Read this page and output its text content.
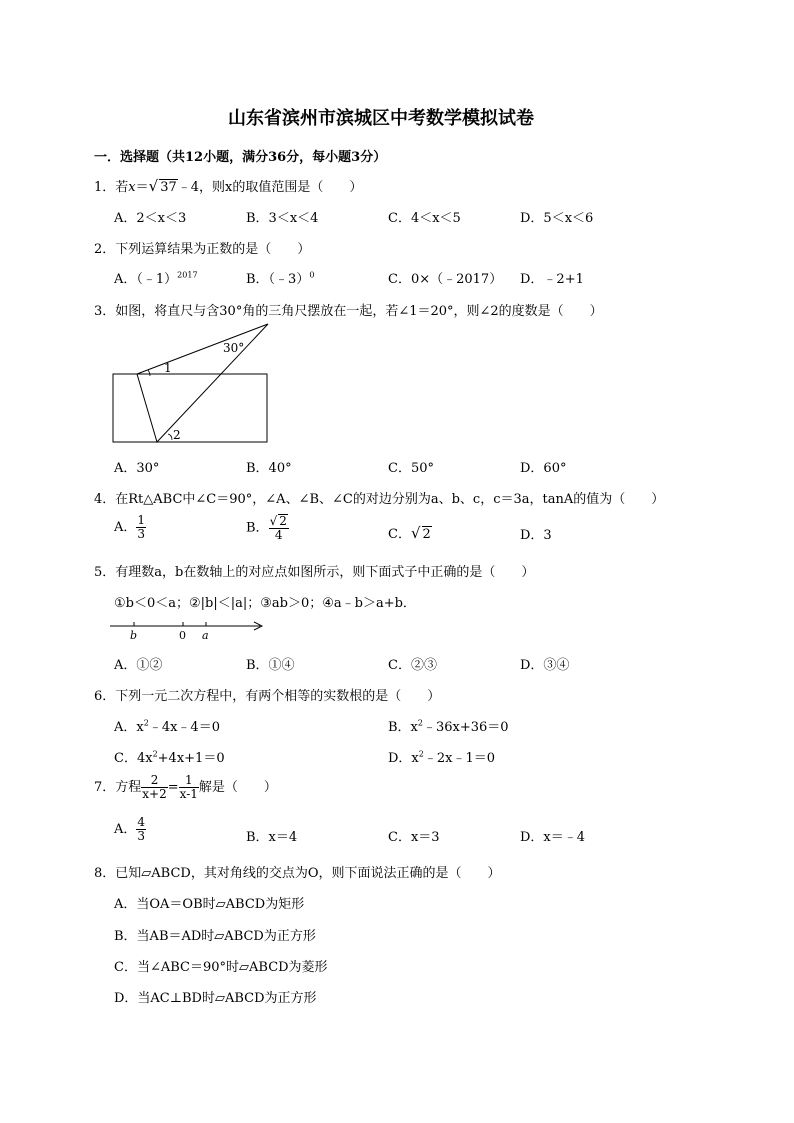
山东省滨州市滨城区中考数学模拟试卷
一．选择题（共12小题，满分36分，每小题3分）
1．若x＝√ 37﹣4，则x的取值范围是（　　）
A．2＜x＜3	B．3＜x＜4	C．4＜x＜5	D．5＜x＜6
2．下列运算结果为正数的是（　　）
A．（﹣1）$^{2017}$	B．（﹣3）$^0$	C．0×（﹣2017） D．﹣2+1
3．如图，将直尺与含30°角的三角尺摆放在一起，若∠1＝20°，则∠2的度数是（　　）
30°
1
2
A．30°	B．40°	C．50°	D．60°
4．在Rt△ABC中∠C＝90°，∠A、∠B、∠C的对边分别为a、b、c，c＝3a，tanA的值为（　　）
A． $\frac{1}{3}$	B． $\frac{√ 2}{4}$	C．√ 2	D．3
5．有理数a，b在数轴上的对应点如图所示，则下面式子中正确的是（　　）
①b＜0＜a；②|b|＜|a|；③ab＞0；④a﹣b＞a+b．
b	0 a
A．①②	B．①④	C．②③	D．③④
6．下列一元二次方程中，有两个相等的实数根的是（　　）
A．$x^2﹣4x﹣4=0$	B．$x^2﹣36x+36=0$
C．$4x^2+4x+1=0$	D．$x^2﹣2x﹣1=0$
7．方程 $\frac{2}{x+2} = \frac{1}{x-1}$ 解是（　　）
A． $\frac{4}{3}$	B．x＝4	C．x＝3	D．x＝﹣4
8．已知▱ABCD，其对角线的交点为O，则下面说法正确的是（　　）
A．当OA＝OB时▱ABCD为矩形
B．当AB＝AD时▱ABCD为正方形
C．当∠ABC＝90°时▱ABCD为菱形
D．当AC⊥BD时▱ABCD为正方形
